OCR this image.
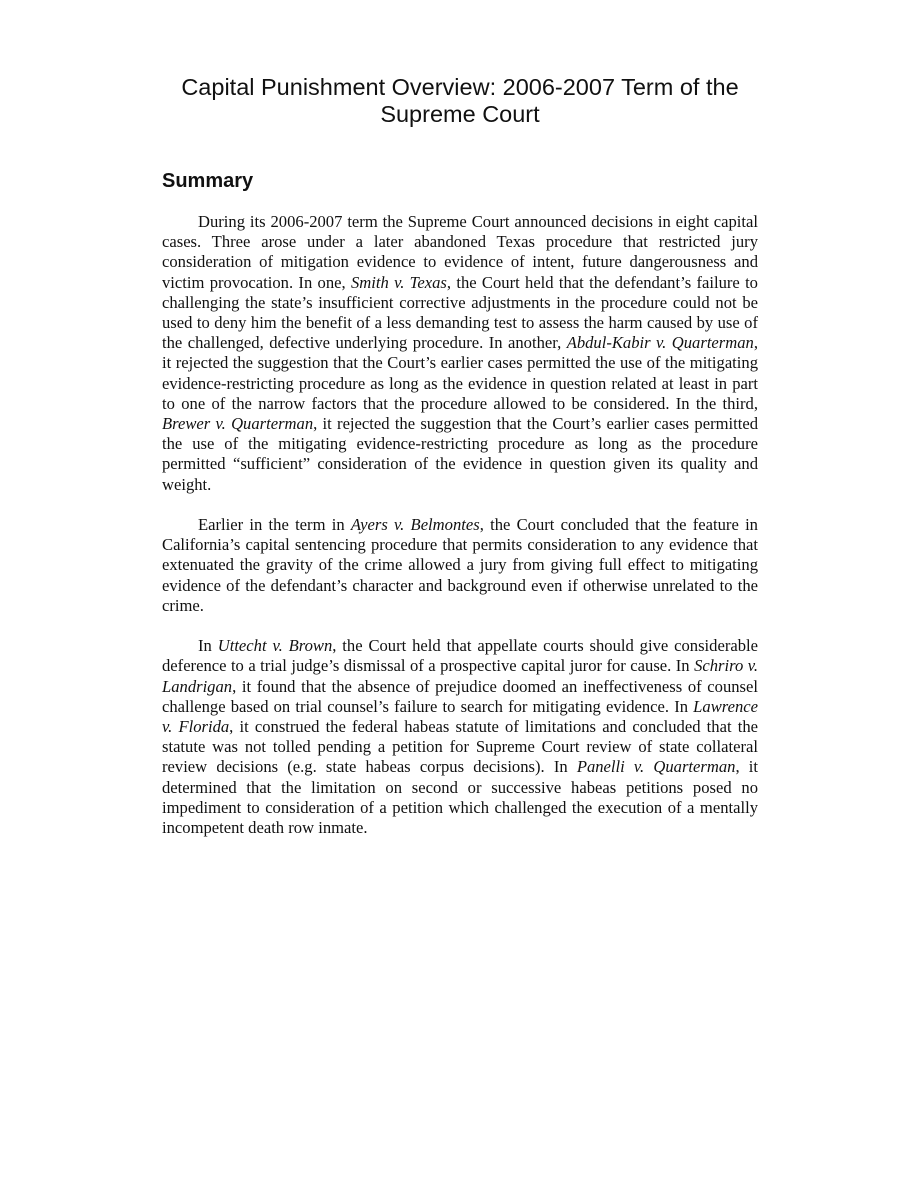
Capital Punishment Overview: 2006-2007 Term of the Supreme Court
Summary

During its 2006-2007 term the Supreme Court announced decisions in eight capital cases. Three arose under a later abandoned Texas procedure that restricted jury consideration of mitigation evidence to evidence of intent, future dangerousness and victim provocation. In one, Smith v. Texas, the Court held that the defendant’s failure to challenging the state’s insufficient corrective adjustments in the procedure could not be used to deny him the benefit of a less demanding test to assess the harm caused by use of the challenged, defective underlying procedure. In another, Abdul-Kabir v. Quarterman, it rejected the suggestion that the Court’s earlier cases permitted the use of the mitigating evidence-restricting procedure as long as the evidence in question related at least in part to one of the narrow factors that the procedure allowed to be considered. In the third, Brewer v. Quarterman, it rejected the suggestion that the Court’s earlier cases permitted the use of the mitigating evidence-restricting procedure as long as the procedure permitted “sufficient” consideration of the evidence in question given its quality and weight.

Earlier in the term in Ayers v. Belmontes, the Court concluded that the feature in California’s capital sentencing procedure that permits consideration to any evidence that extenuated the gravity of the crime allowed a jury from giving full effect to mitigating evidence of the defendant’s character and background even if otherwise unrelated to the crime.

In Uttecht v. Brown, the Court held that appellate courts should give considerable deference to a trial judge’s dismissal of a prospective capital juror for cause. In Schriro v. Landrigan, it found that the absence of prejudice doomed an ineffectiveness of counsel challenge based on trial counsel’s failure to search for mitigating evidence. In Lawrence v. Florida, it construed the federal habeas statute of limitations and concluded that the statute was not tolled pending a petition for Supreme Court review of state collateral review decisions (e.g. state habeas corpus decisions). In Panelli v. Quarterman, it determined that the limitation on second or successive habeas petitions posed no impediment to consideration of a petition which challenged the execution of a mentally incompetent death row inmate.
